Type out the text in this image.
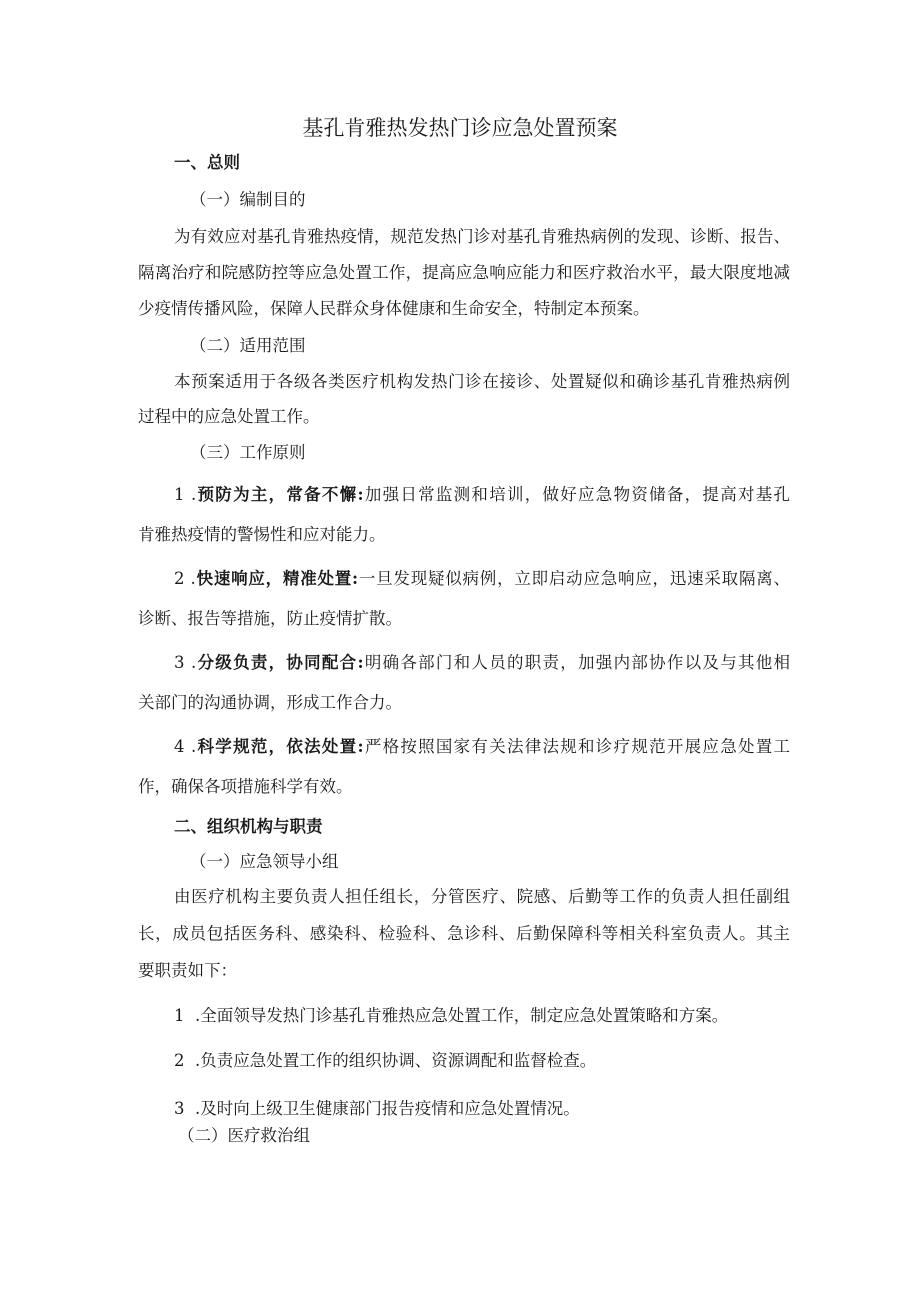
基孔肯雅热发热门诊应急处置预案
一、总则
（一）编制目的
为有效应对基孔肯雅热疫情，规范发热门诊对基孔肯雅热病例的发现、诊断、报告、
隔离治疗和院感防控等应急处置工作，提高应急响应能力和医疗救治水平，最大限度地减
少疫情传播风险，保障人民群众身体健康和生命安全，特制定本预案。
（二）适用范围
本预案适用于各级各类医疗机构发热门诊在接诊、处置疑似和确诊基孔肯雅热病例
过程中的应急处置工作。
（三）工作原则
1 .预防为主，常备不懈:加强日常监测和培训，做好应急物资储备，提高对基孔
肯雅热疫情的警惕性和应对能力。
2 .快速响应，精准处置:一旦发现疑似病例，立即启动应急响应，迅速采取隔离、
诊断、报告等措施，防止疫情扩散。
3 .分级负责，协同配合:明确各部门和人员的职责，加强内部协作以及与其他相
关部门的沟通协调，形成工作合力。
4 .科学规范，依法处置:严格按照国家有关法律法规和诊疗规范开展应急处置工
作，确保各项措施科学有效。
二、组织机构与职责
（一）应急领导小组
由医疗机构主要负责人担任组长，分管医疗、院感、后勤等工作的负责人担任副组
长，成员包括医务科、感染科、检验科、急诊科、后勤保障科等相关科室负责人。其主
要职责如下：
1 .全面领导发热门诊基孔肯雅热应急处置工作，制定应急处置策略和方案。
2 .负责应急处置工作的组织协调、资源调配和监督检查。
3 .及时向上级卫生健康部门报告疫情和应急处置情况。
（二）医疗救治组
